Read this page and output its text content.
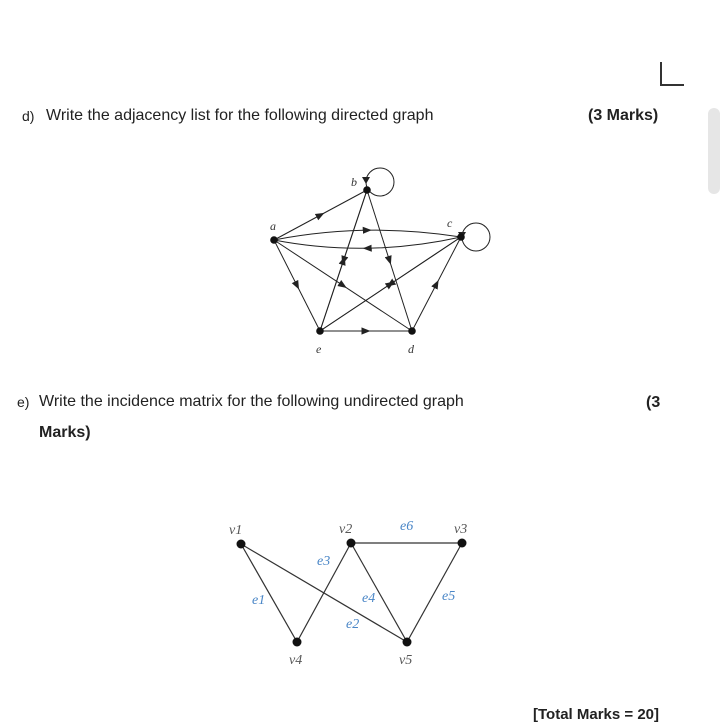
d) Write the adjacency list for the following directed graph	(3 Marks)
a
b
c
d
e
e) Write the incidence matrix for the following undirected graph	(3
Marks)
e1
e2
e3
e4	e5
e6
v1	v2	v3
v4	v5
[Total Marks = 20]
